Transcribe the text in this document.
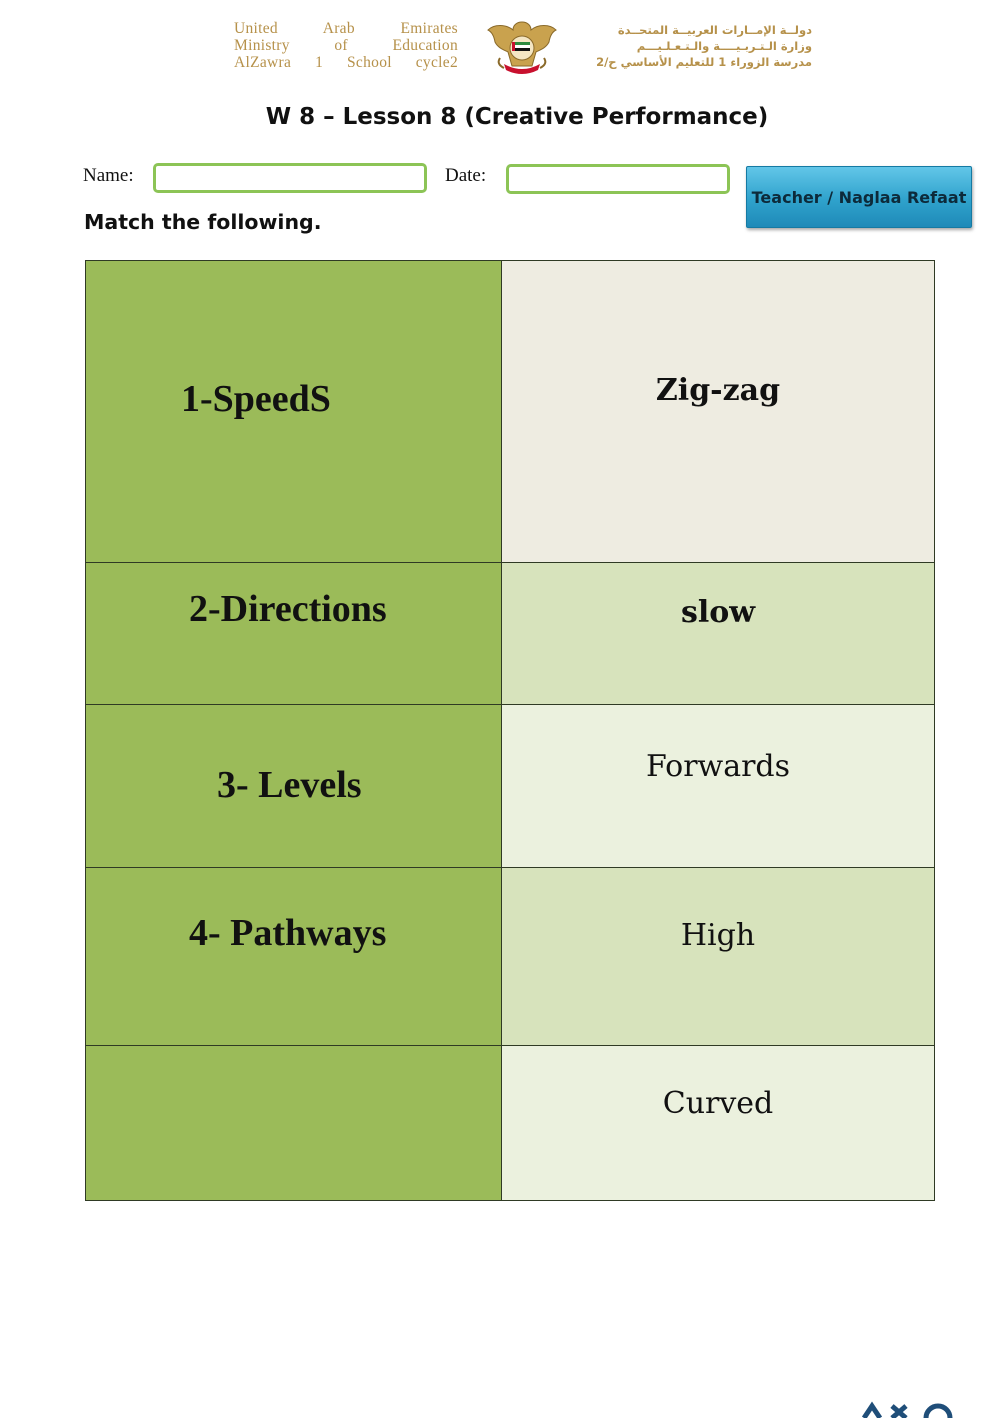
United Arab Emirates
Ministry of Education
AlZawra 1 School cycle2
دولــة الإمــارات العربيــة المتحــدة
وزارة الـتـربـيــــة والـتـعـلـيـــم
مدرسة الزوراء 1 للتعليم الأساسي ح/2
W 8 – Lesson 8 (Creative Performance)
Name:	Date:
Teacher / Naglaa Refaat
Match the following.
1-SpeedS	Zig-zag

2-Directions	slow

3- Levels	Forwards

4- Pathways	High

	Curved
